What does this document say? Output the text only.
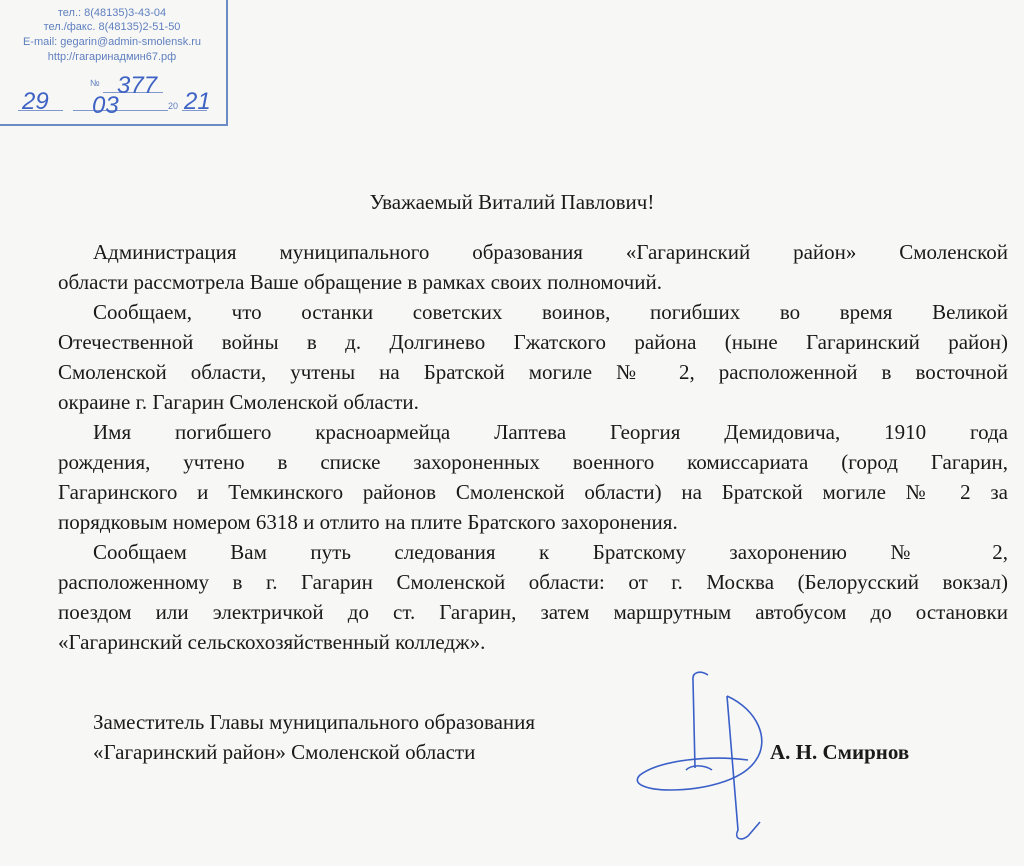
тел.: 8(48135)3-43-04
тел./факс. 8(48135)2-51-50
E-mail: gegarin@admin-smolensk.ru
http://гагаринадмин67.рф
№
20
377
29 03	21
Уважаемый Виталий Павлович!
Администрация муниципального образования «Гагаринский район» Смоленской
области рассмотрела Ваше обращение в рамках своих полномочий.
Сообщаем, что останки советских воинов, погибших во время Великой
Отечественной войны в д. Долгиневo Гжатского района (ныне Гагаринский район)
Смоленской области, учтены на Братской могиле № 2, расположенной в восточной
окраине г. Гагарин Смоленской области.
Имя погибшего красноармейца Лаптева Георгия Демидовича, 1910 года
рождения, учтено в списке захороненных военного комиссариата (город Гагарин,
Гагаринского и Темкинского районов Смоленской области) на Братской могиле № 2 за
порядковым номером 6318 и отлито на плите Братского захоронения.
Сообщаем Вам путь следования к Братскому захоронению № 2,
расположенному в г. Гагарин Смоленской области: от г. Москва (Белорусский вокзал)
поездом или электричкой до ст. Гагарин, затем маршрутным автобусом до остановки
«Гагаринский сельскохозяйственный колледж».
Заместитель Главы муниципального образования
«Гагаринский район» Смоленской области	А. Н. Смирнов
